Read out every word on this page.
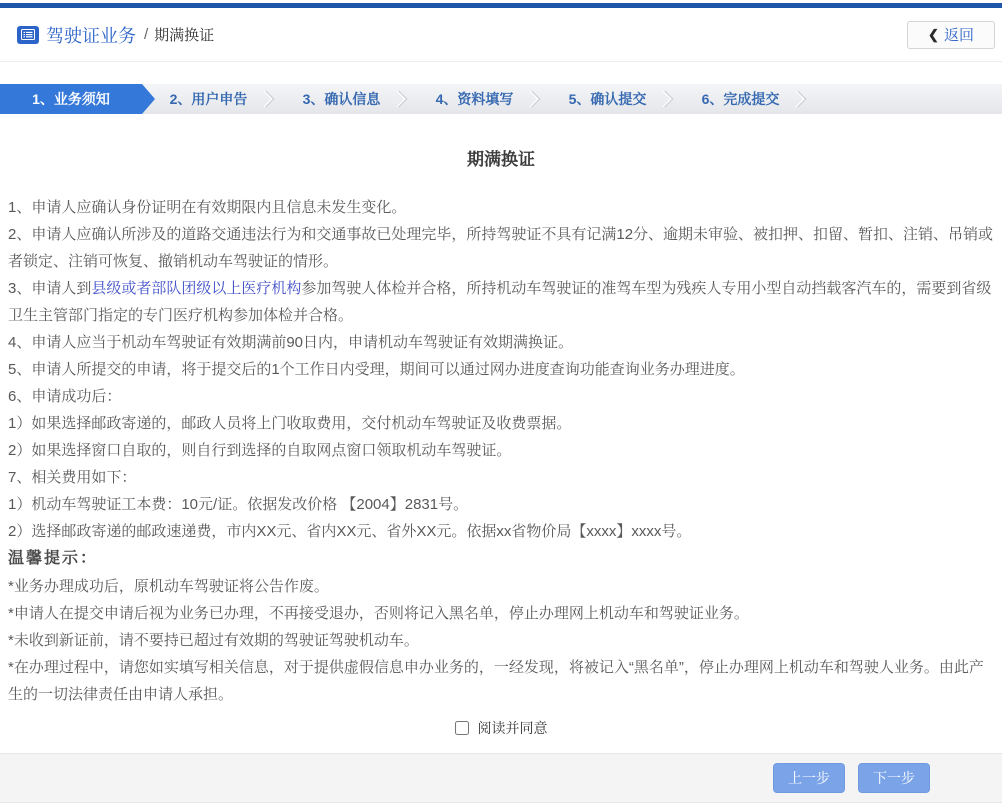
驾驶证业务 / 期满换证	❮ 返回
1、业务须知	2、用户申告	3、确认信息	4、资料填写	5、确认提交	6、完成提交
期满换证

1、申请人应确认身份证明在有效期限内且信息未发生变化。

2、申请人应确认所涉及的道路交通违法行为和交通事故已处理完毕，所持驾驶证不具有记满12分、逾期未审验、被扣押、扣留、暂扣、注销、吊销或者锁定、注销可恢复、撤销机动车驾驶证的情形。

3、申请人到县级或者部队团级以上医疗机构参加驾驶人体检并合格，所持机动车驾驶证的准驾车型为残疾人专用小型自动挡载客汽车的，需要到省级卫生主管部门指定的专门医疗机构参加体检并合格。

4、申请人应当于机动车驾驶证有效期满前90日内，申请机动车驾驶证有效期满换证。

5、申请人所提交的申请，将于提交后的1个工作日内受理，期间可以通过网办进度查询功能查询业务办理进度。

6、申请成功后：

1）如果选择邮政寄递的，邮政人员将上门收取费用，交付机动车驾驶证及收费票据。

2）如果选择窗口自取的，则自行到选择的自取网点窗口领取机动车驾驶证。

7、相关费用如下：

1）机动车驾驶证工本费：10元/证。依据发改价格 【2004】2831号。

2）选择邮政寄递的邮政速递费，市内XX元、省内XX元、省外XX元。依据xx省物价局【xxxx】xxxx号。

温馨提示：

*业务办理成功后，原机动车驾驶证将公告作废。

*申请人在提交申请后视为业务已办理，不再接受退办，否则将记入黑名单，停止办理网上机动车和驾驶证业务。

*未收到新证前，请不要持已超过有效期的驾驶证驾驶机动车。

*在办理过程中，请您如实填写相关信息，对于提供虚假信息申办业务的，一经发现，将被记入“黑名单”，停止办理网上机动车和驾驶人业务。由此产生的一切法律责任由申请人承担。

阅读并同意
上一步	下一步
